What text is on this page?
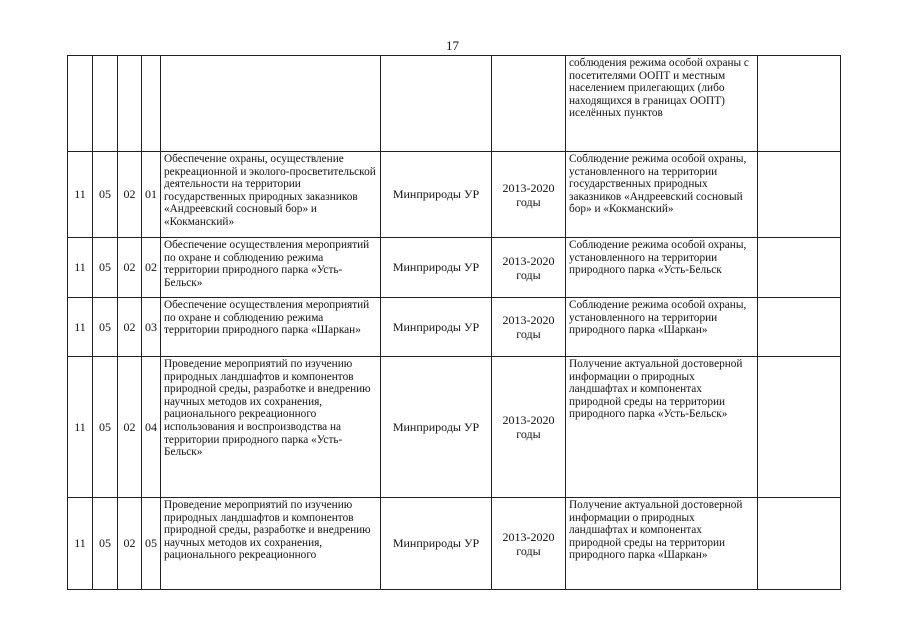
17
							соблюдения режима особой охраны с посетителями ООПТ и местным населением прилегающих (либо находящихся в границах ООПТ) иселённых пунктов	
11	05	02	01	Обеспечение охраны, осуществление рекреационной и эколого-просветительской деятельности на территории государственных природных заказников «Андреевский сосновый бор» и «Кокманский»	Минприроды УР	2013-2020 годы	Соблюдение режима особой охраны, установленного на территории государственных природных заказников «Андреевский сосновый бор» и «Кокманский»	
11	05	02	02	Обеспечение осуществления мероприятий по охране и соблюдению режима территории природного парка «Усть-Бельск»	Минприроды УР	2013-2020 годы	Соблюдение режима особой охраны, установленного на территории природного парка «Усть-Бельск	
11	05	02	03	Обеспечение осуществления мероприятий по охране и соблюдению режима территории природного парка «Шаркан»	Минприроды УР	2013-2020 годы	Соблюдение режима особой охраны, установленного на территории природного парка «Шаркан»	
11	05	02	04	Проведение мероприятий по изучению природных ландшафтов и компонентов природной среды, разработке и внедрению научных методов их сохранения, рационального рекреационного использования и воспроизводства на территории природного парка «Усть-Бельск»	Минприроды УР	2013-2020 годы	Получение актуальной достоверной информации о природных ландшафтах и компонентах природной среды на территории природного парка «Усть-Бельск»	
11	05	02	05	Проведение мероприятий по изучению природных ландшафтов и компонентов природной среды, разработке и внедрению научных методов их сохранения, рационального рекреационного	Минприроды УР	2013-2020 годы	Получение актуальной достоверной информации о природных ландшафтах и компонентах природной среды на территории природного парка «Шаркан»	
